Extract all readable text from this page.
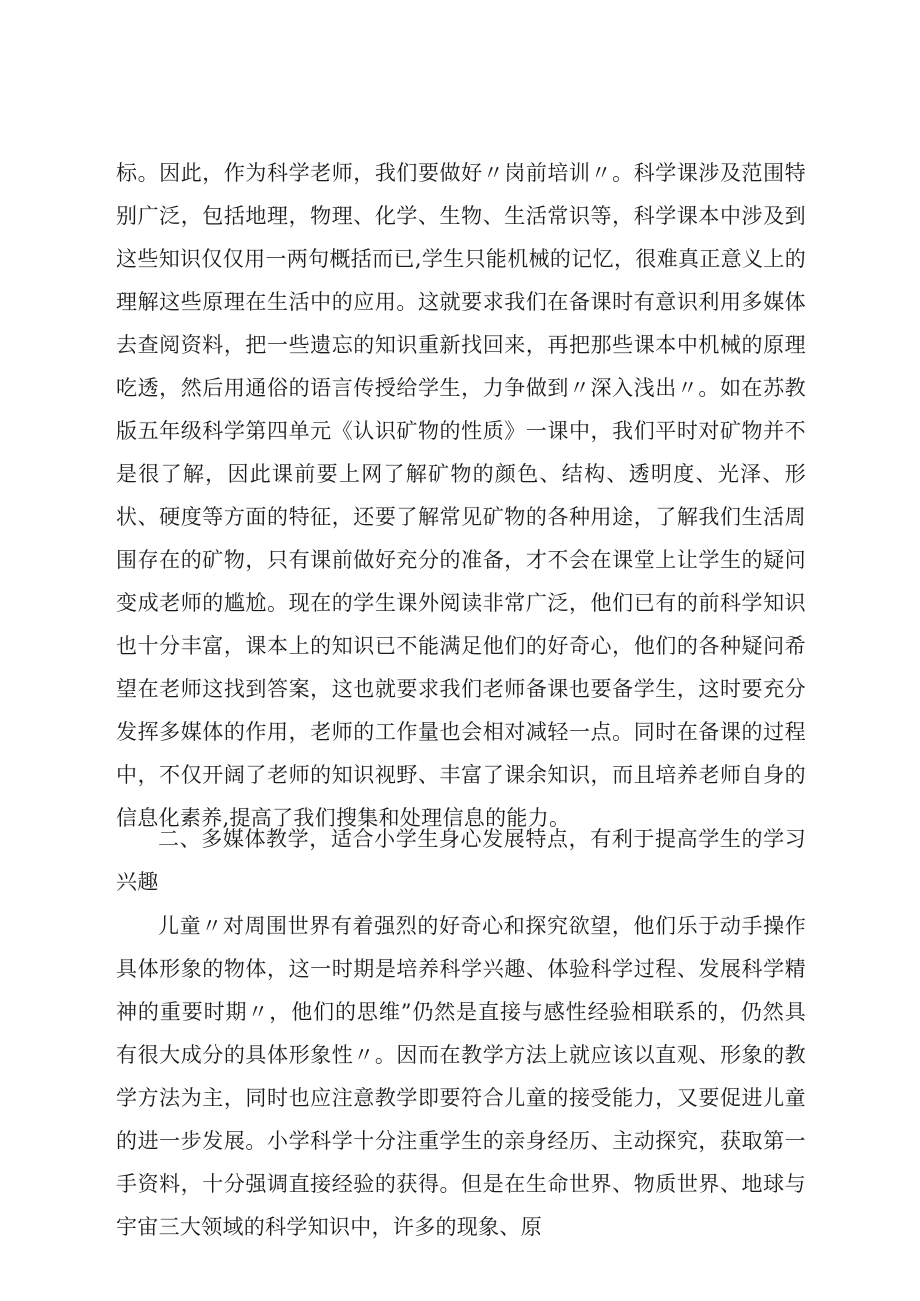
标。因此，作为科学老师，我们要做好〃岗前培训〃。科学课涉及范围特别广泛，包括地理，物理、化学、生物、生活常识等，科学课本中涉及到这些知识仅仅用一两句概括而已,学生只能机械的记忆，很难真正意义上的理解这些原理在生活中的应用。这就要求我们在备课时有意识利用多媒体去查阅资料，把一些遗忘的知识重新找回来，再把那些课本中机械的原理吃透，然后用通俗的语言传授给学生，力争做到〃深入浅出〃。如在苏教版五年级科学第四单元《认识矿物的性质》一课中，我们平时对矿物并不是很了解，因此课前要上网了解矿物的颜色、结构、透明度、光泽、形状、硬度等方面的特征，还要了解常见矿物的各种用途，了解我们生活周围存在的矿物，只有课前做好充分的准备，才不会在课堂上让学生的疑问变成老师的尴尬。现在的学生课外阅读非常广泛，他们已有的前科学知识也十分丰富，课本上的知识已不能满足他们的好奇心，他们的各种疑问希望在老师这找到答案，这也就要求我们老师备课也要备学生，这时要充分发挥多媒体的作用，老师的工作量也会相对减轻一点。同时在备课的过程中，不仅开阔了老师的知识视野、丰富了课余知识，而且培养老师自身的信息化素养,提高了我们搜集和处理信息的能力。

二、多媒体教学，适合小学生身心发展特点，有利于提高学生的学习兴趣

儿童〃对周围世界有着强烈的好奇心和探究欲望，他们乐于动手操作具体形象的物体，这一时期是培养科学兴趣、体验科学过程、发展科学精神的重要时期〃，他们的思维”仍然是直接与感性经验相联系的，仍然具有很大成分的具体形象性〃。因而在教学方法上就应该以直观、形象的教学方法为主，同时也应注意教学即要符合儿童的接受能力，又要促进儿童的进一步发展。小学科学十分注重学生的亲身经历、主动探究，获取第一手资料，十分强调直接经验的获得。但是在生命世界、物质世界、地球与宇宙三大领域的科学知识中，许多的现象、原
